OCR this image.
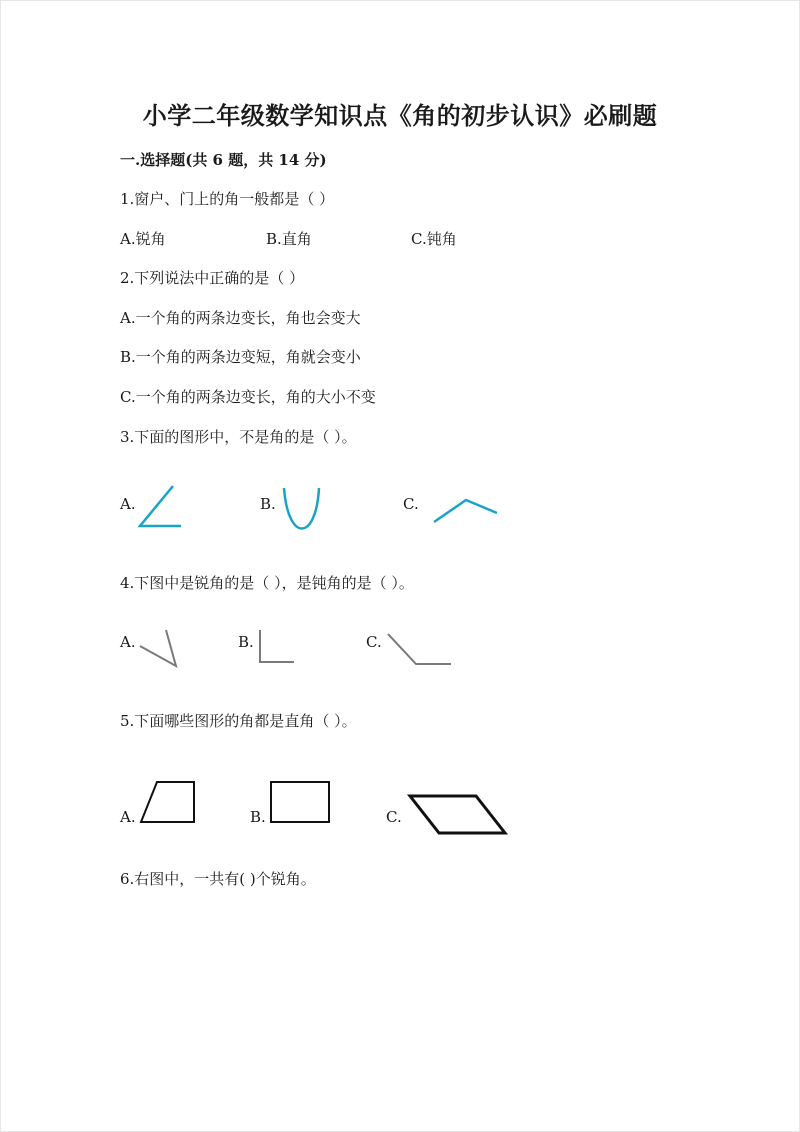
小学二年级数学知识点《角的初步认识》必刷题
一.选择题(共 6 题，共 14 分)
1.窗户、门上的角一般都是（ ）
A.锐角	B.直角	C.钝角
2.下列说法中正确的是（ ）
A.一个角的两条边变长，角也会变大
B.一个角的两条边变短，角就会变小
C.一个角的两条边变长，角的大小不变
3.下面的图形中，不是角的是（ ）。
A.	B.	C.
4.下图中是锐角的是（ ），是钝角的是（ ）。
A.	B.	C.
5.下面哪些图形的角都是直角（ ）。
A.	B.	C.
6.右图中，一共有( )个锐角。
